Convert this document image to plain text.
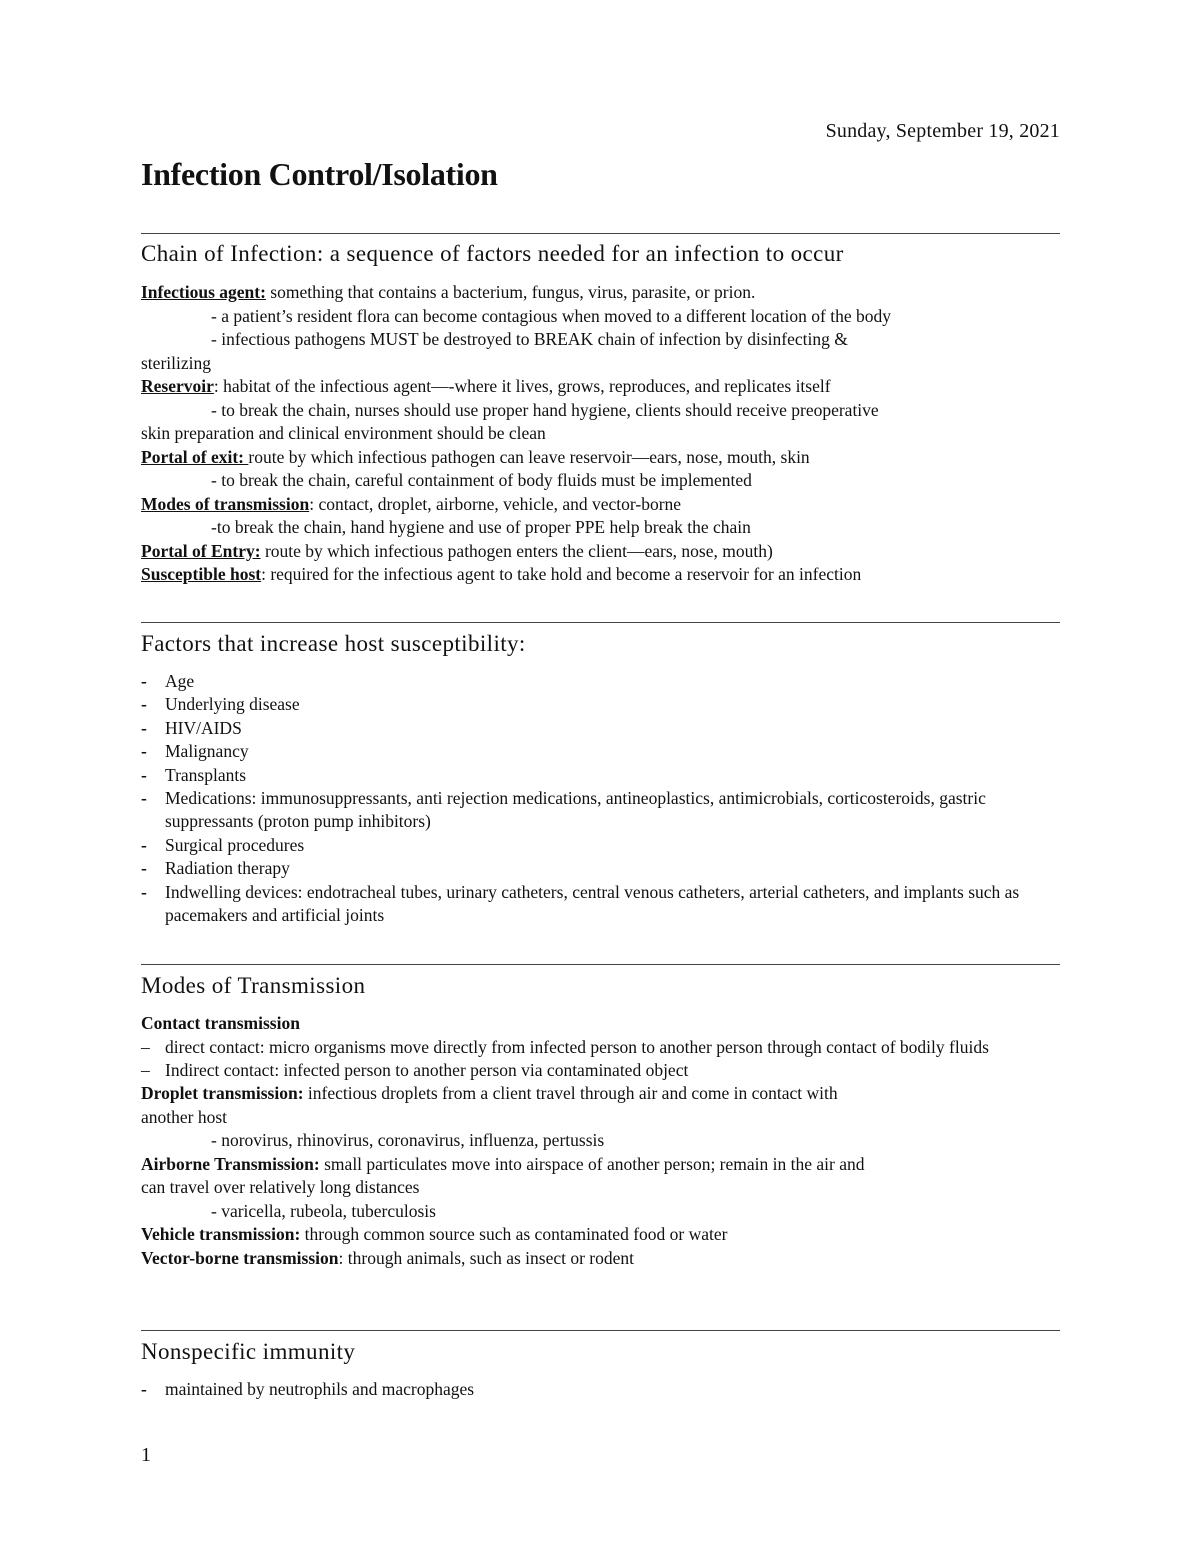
Sunday, September 19, 2021
Infection Control/Isolation
Chain of Infection: a sequence of factors needed for an infection to occur
Infectious agent: something that contains a bacterium, fungus, virus, parasite, or prion.
- a patient’s resident flora can become contagious when moved to a different location of the body
- infectious pathogens MUST be destroyed to BREAK chain of infection by disinfecting &
sterilizing
Reservoir: habitat of the infectious agent—-where it lives, grows, reproduces, and replicates itself
- to break the chain, nurses should use proper hand hygiene, clients should receive preoperative
skin preparation and clinical environment should be clean
Portal of exit: route by which infectious pathogen can leave reservoir—ears, nose, mouth, skin
- to break the chain, careful containment of body fluids must be implemented
Modes of transmission: contact, droplet, airborne, vehicle, and vector-borne
-to break the chain, hand hygiene and use of proper PPE help break the chain
Portal of Entry: route by which infectious pathogen enters the client—ears, nose, mouth)
Susceptible host: required for the infectious agent to take hold and become a reservoir for an infection
Factors that increase host susceptibility:
- Age
- Underlying disease
- HIV/AIDS
- Malignancy
- Transplants
- Medications: immunosuppressants, anti rejection medications, antineoplastics, antimicrobials, corticosteroids, gastric suppressants (proton pump inhibitors)
- Surgical procedures
- Radiation therapy
- Indwelling devices: endotracheal tubes, urinary catheters, central venous catheters, arterial catheters, and implants such as pacemakers and artificial joints
Modes of Transmission
Contact transmission
– direct contact: micro organisms move directly from infected person to another person through contact of bodily fluids
– Indirect contact: infected person to another person via contaminated object
Droplet transmission: infectious droplets from a client travel through air and come in contact with
another host
- norovirus, rhinovirus, coronavirus, influenza, pertussis
Airborne Transmission: small particulates move into airspace of another person; remain in the air and
can travel over relatively long distances
- varicella, rubeola, tuberculosis
Vehicle transmission: through common source such as contaminated food or water
Vector-borne transmission: through animals, such as insect or rodent
Nonspecific immunity
- maintained by neutrophils and macrophages
1
